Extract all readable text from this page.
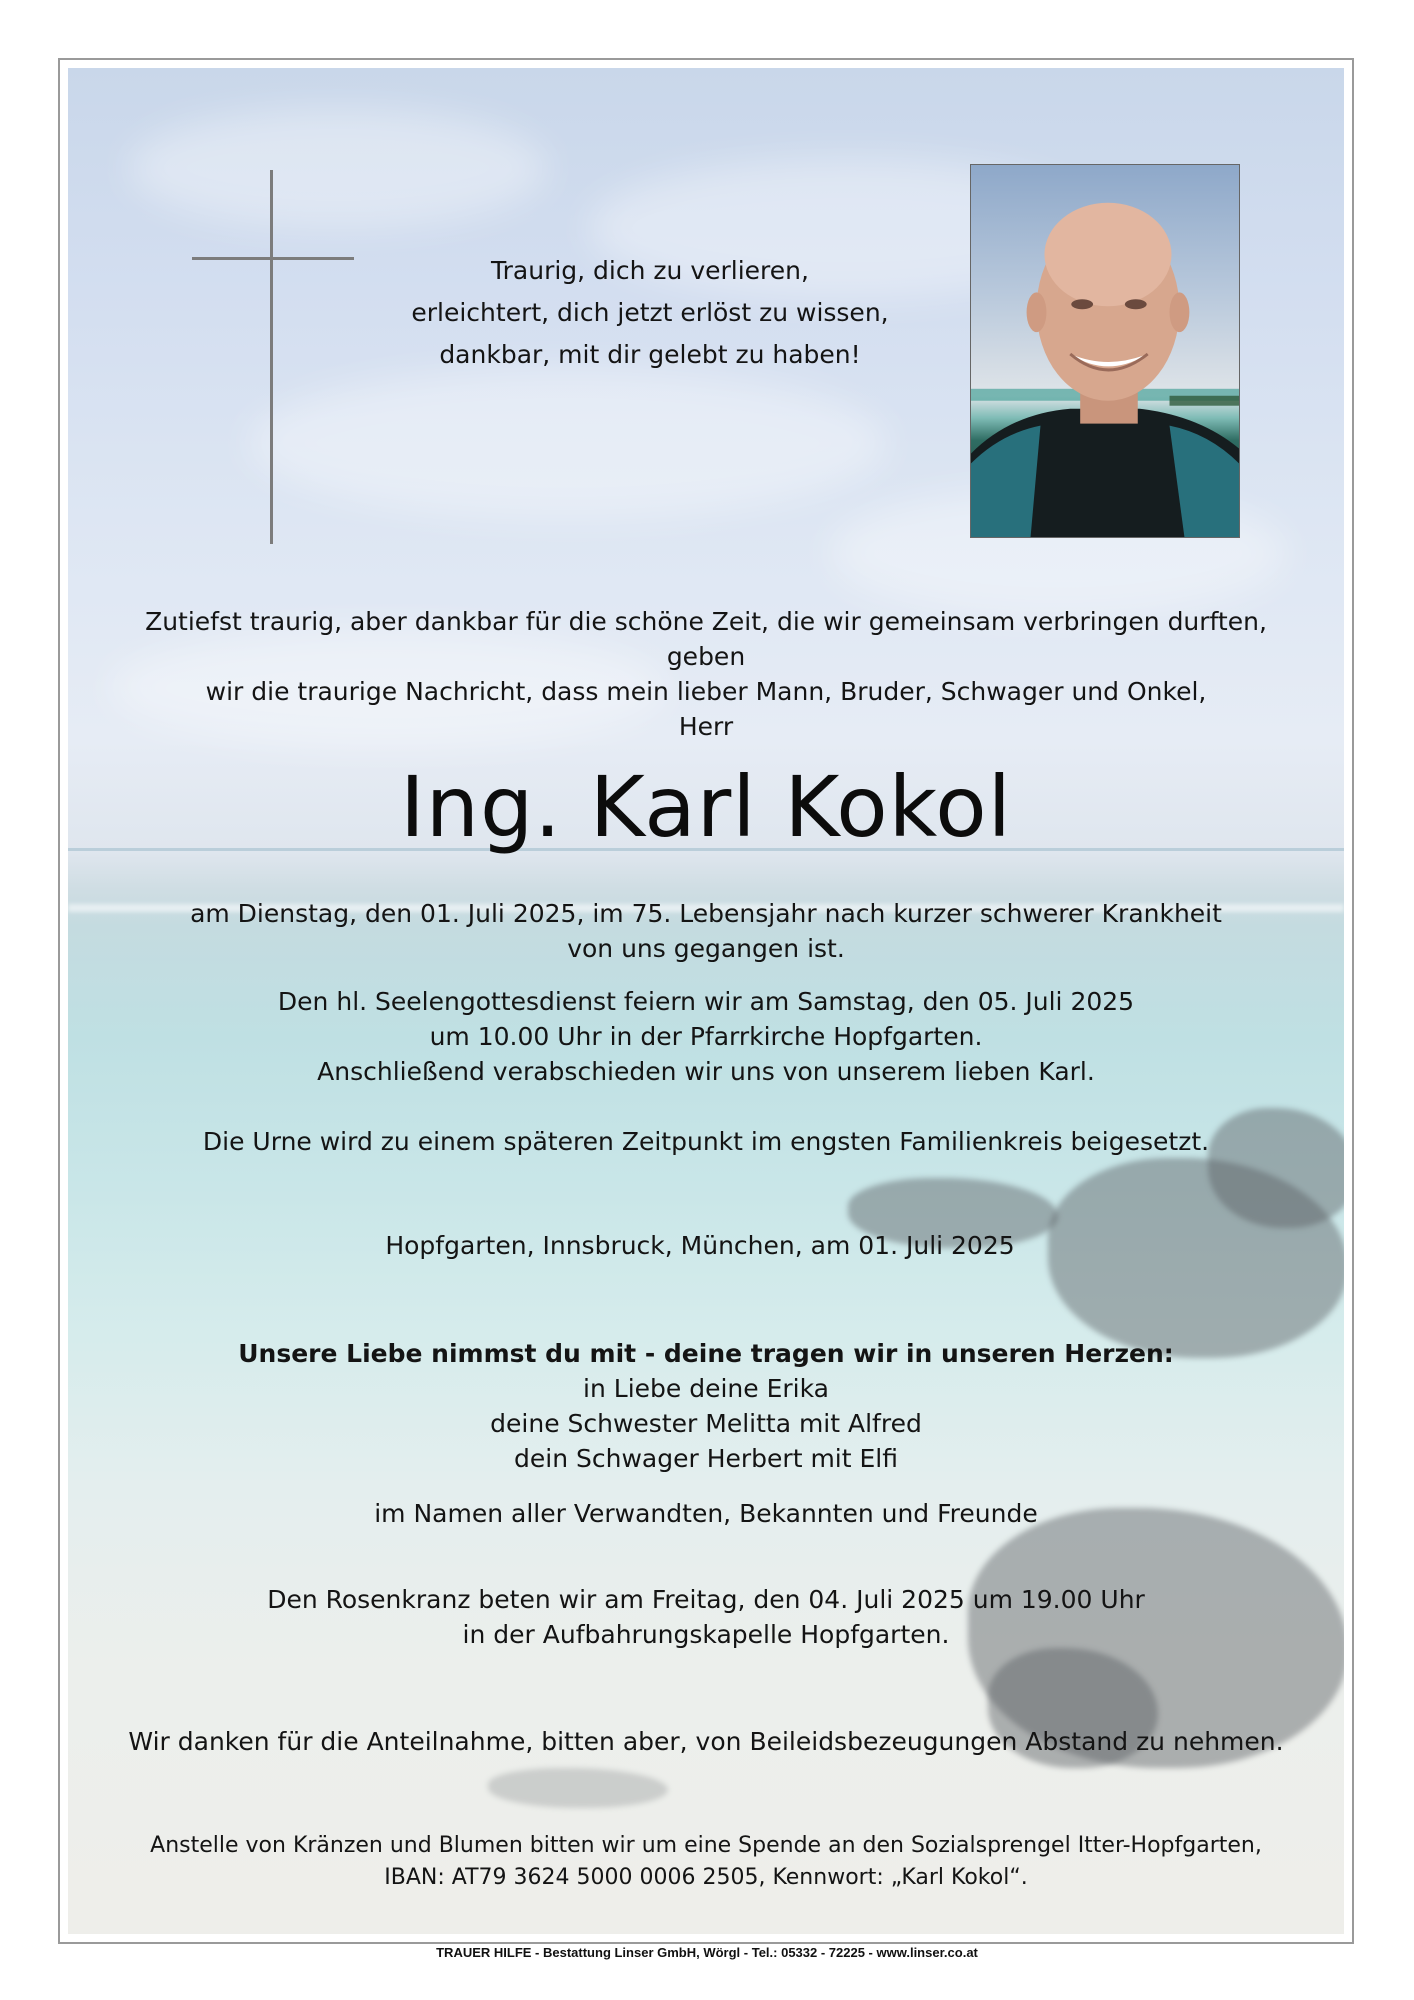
Traurig, dich zu verlieren,
erleichtert, dich jetzt erlöst zu wissen,
dankbar, mit dir gelebt zu haben!
Zutiefst traurig, aber dankbar für die schöne Zeit, die wir gemeinsam verbringen durften, geben
wir die traurige Nachricht, dass mein lieber Mann, Bruder, Schwager und Onkel,
Herr
Ing. Karl Kokol
am Dienstag, den 01. Juli 2025, im 75. Lebensjahr nach kurzer schwerer Krankheit
von uns gegangen ist.
Den hl. Seelengottesdienst feiern wir am Samstag, den 05. Juli 2025
um 10.00 Uhr in der Pfarrkirche Hopfgarten.
Anschließend verabschieden wir uns von unserem lieben Karl.
Die Urne wird zu einem späteren Zeitpunkt im engsten Familienkreis beigesetzt.
Hopfgarten, Innsbruck, München, am 01. Juli 2025
Unsere Liebe nimmst du mit - deine tragen wir in unseren Herzen:
in Liebe deine Erika
deine Schwester Melitta mit Alfred
dein Schwager Herbert mit Elfi
im Namen aller Verwandten, Bekannten und Freunde
Den Rosenkranz beten wir am Freitag, den 04. Juli 2025 um 19.00 Uhr
in der Aufbahrungskapelle Hopfgarten.
Wir danken für die Anteilnahme, bitten aber, von Beileidsbezeugungen Abstand zu nehmen.
Anstelle von Kränzen und Blumen bitten wir um eine Spende an den Sozialsprengel Itter-Hopfgarten,
IBAN: AT79 3624 5000 0006 2505, Kennwort: „Karl Kokol“.
TRAUER HILFE - Bestattung Linser GmbH, Wörgl - Tel.: 05332 - 72225 - www.linser.co.at
